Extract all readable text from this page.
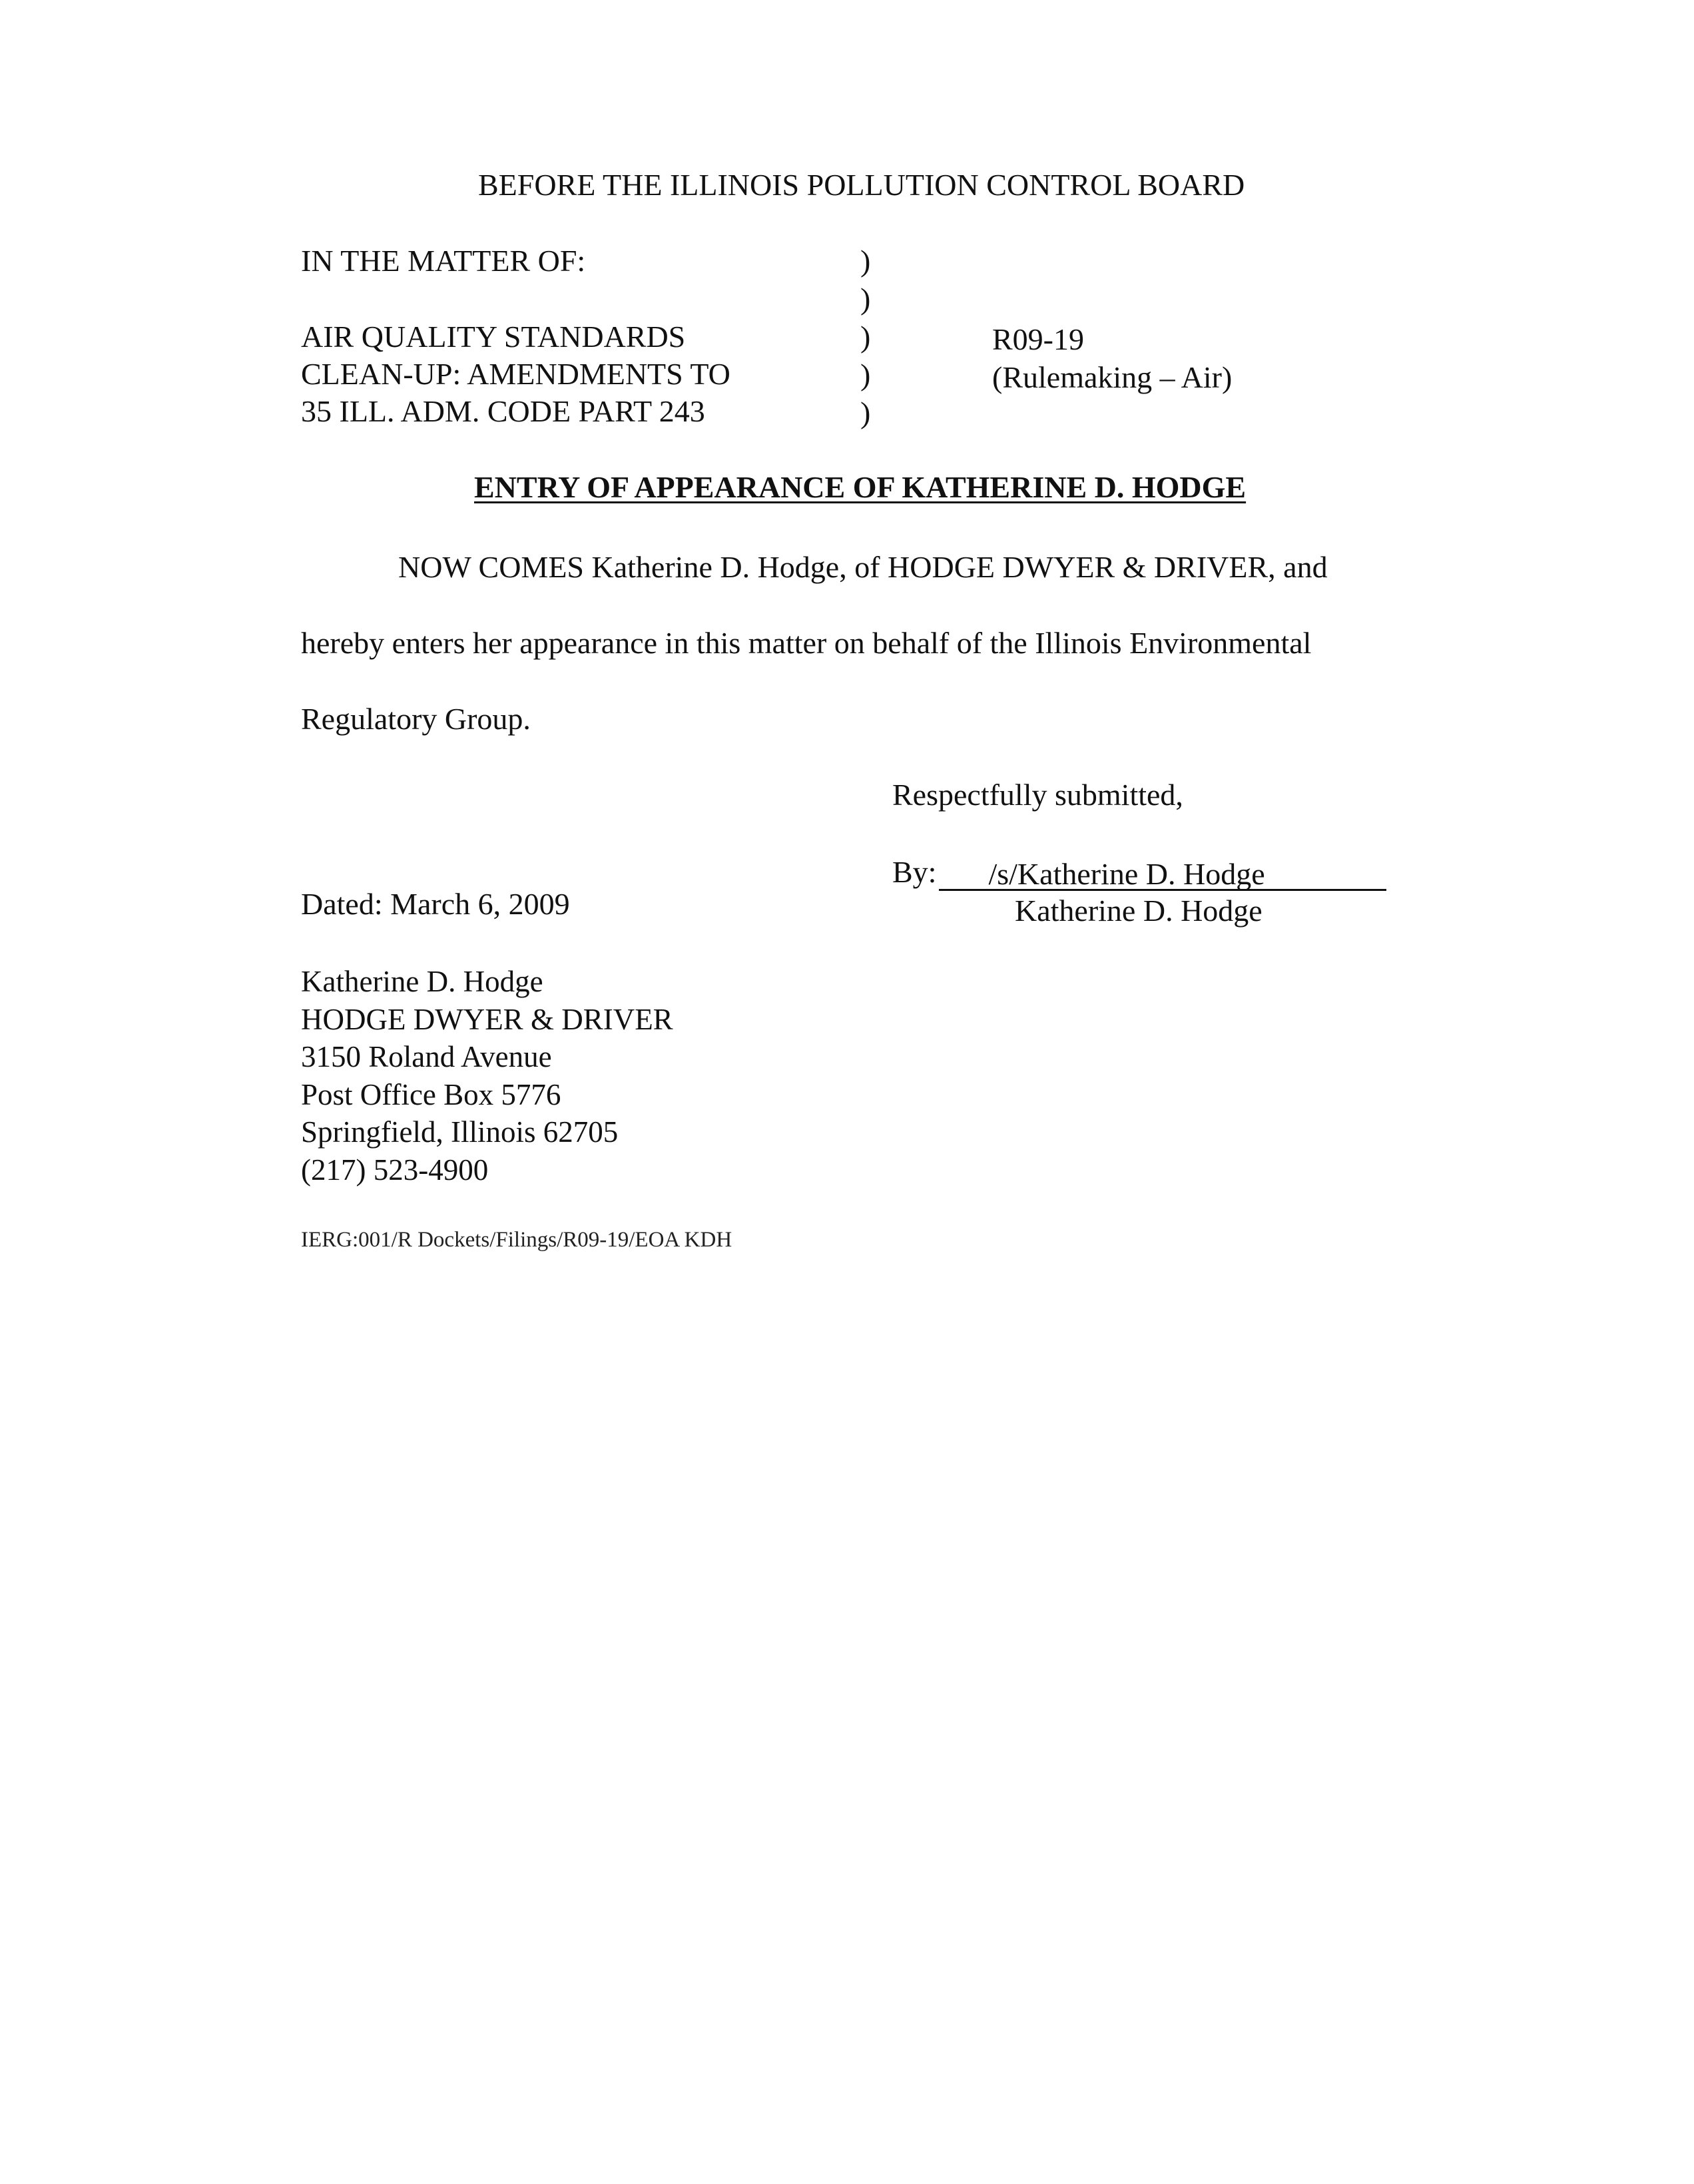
BEFORE THE ILLINOIS POLLUTION CONTROL BOARD
IN THE MATTER OF:
AIR QUALITY STANDARDS
CLEAN-UP: AMENDMENTS TO
35 ILL. ADM. CODE PART 243
)
)
)
)
)
R09-19
(Rulemaking – Air)
ENTRY OF APPEARANCE OF KATHERINE D. HODGE
NOW COMES Katherine D. Hodge, of HODGE DWYER & DRIVER, and
hereby enters her appearance in this matter on behalf of the Illinois Environmental
Regulatory Group.
Respectfully submitted,
By: /s/Katherine D. Hodge
Katherine D. Hodge
Dated: March 6, 2009
Katherine D. Hodge
HODGE DWYER & DRIVER
3150 Roland Avenue
Post Office Box 5776
Springfield, Illinois 62705
(217) 523-4900
IERG:001/R Dockets/Filings/R09-19/EOA KDH
